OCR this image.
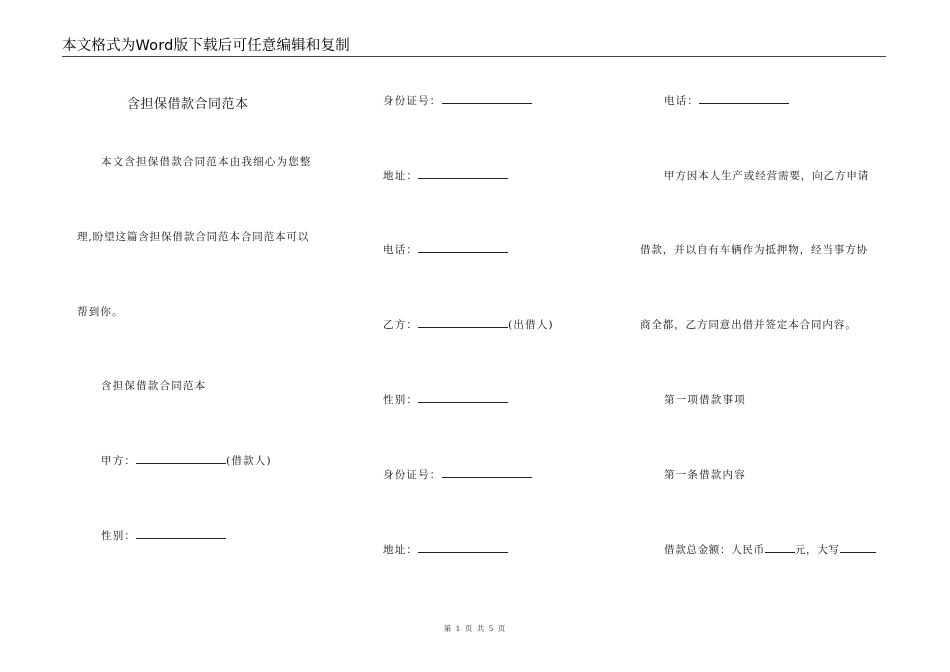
本文格式为Word版下载后可任意编辑和复制
含担保借款合同范本
本文含担保借款合同范本由我细心为您整
理,盼望这篇含担保借款合同范本合同范本可以
帮到你。
含担保借款合同范本
甲方：	(借款人)
性别：
身份证号：
地址：
电话：
乙方：	(出借人)
性别：
身份证号：
地址：
电话：
甲方因本人生产或经营需要，向乙方申请
借款，并以自有车辆作为抵押物，经当事方协
商全都，乙方同意出借并签定本合同内容。
第一项借款事项
第一条借款内容
借款总金额：人民币	元，大写
第 1 页 共 5 页
